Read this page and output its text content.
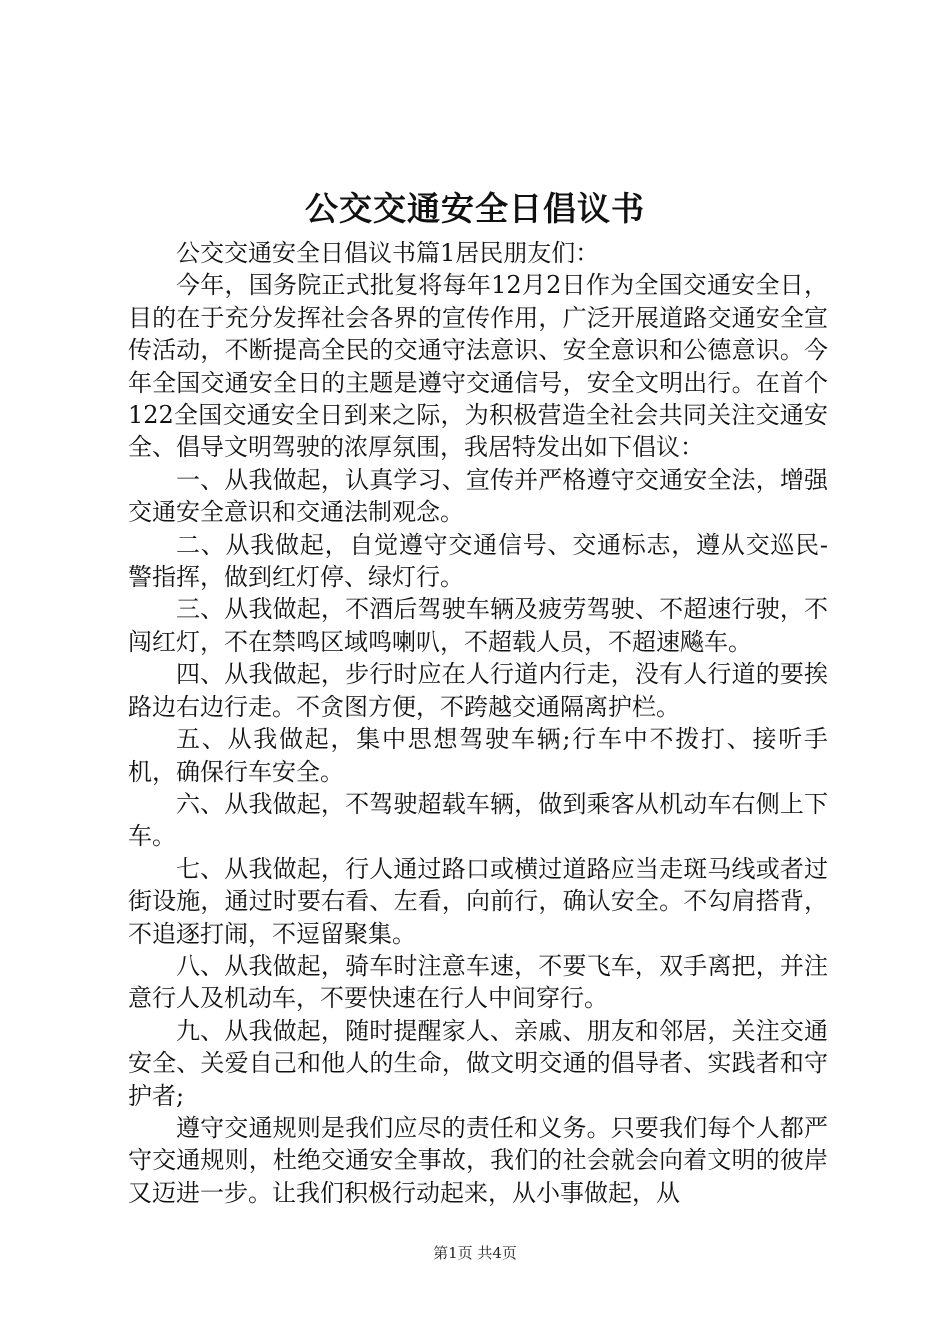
公交交通安全日倡议书

公交交通安全日倡议书篇1居民朋友们：

今年，国务院正式批复将每年12月2日作为全国交通安全日，目的在于充分发挥社会各界的宣传作用，广泛开展道路交通安全宣传活动，不断提高全民的交通守法意识、安全意识和公德意识。今年全国交通安全日的主题是遵守交通信号，安全文明出行。在首个122全国交通安全日到来之际，为积极营造全社会共同关注交通安全、倡导文明驾驶的浓厚氛围，我居特发出如下倡议：

一、从我做起，认真学习、宣传并严格遵守交通安全法，增强交通安全意识和交通法制观念。

二、从我做起，自觉遵守交通信号、交通标志，遵从交巡民-警指挥，做到红灯停、绿灯行。

三、从我做起，不酒后驾驶车辆及疲劳驾驶、不超速行驶，不闯红灯，不在禁鸣区域鸣喇叭，不超载人员，不超速飚车。

四、从我做起，步行时应在人行道内行走，没有人行道的要挨路边右边行走。不贪图方便，不跨越交通隔离护栏。

五、从我做起，集中思想驾驶车辆;行车中不拨打、接听手机，确保行车安全。

六、从我做起，不驾驶超载车辆，做到乘客从机动车右侧上下车。

七、从我做起，行人通过路口或横过道路应当走斑马线或者过街设施，通过时要右看、左看，向前行，确认安全。不勾肩搭背，不追逐打闹，不逗留聚集。

八、从我做起，骑车时注意车速，不要飞车，双手离把，并注意行人及机动车，不要快速在行人中间穿行。

九、从我做起，随时提醒家人、亲戚、朋友和邻居，关注交通安全、关爱自己和他人的生命，做文明交通的倡导者、实践者和守护者;

遵守交通规则是我们应尽的责任和义务。只要我们每个人都严守交通规则，杜绝交通安全事故，我们的社会就会向着文明的彼岸又迈进一步。让我们积极行动起来，从小事做起，从

第1页 共4页
